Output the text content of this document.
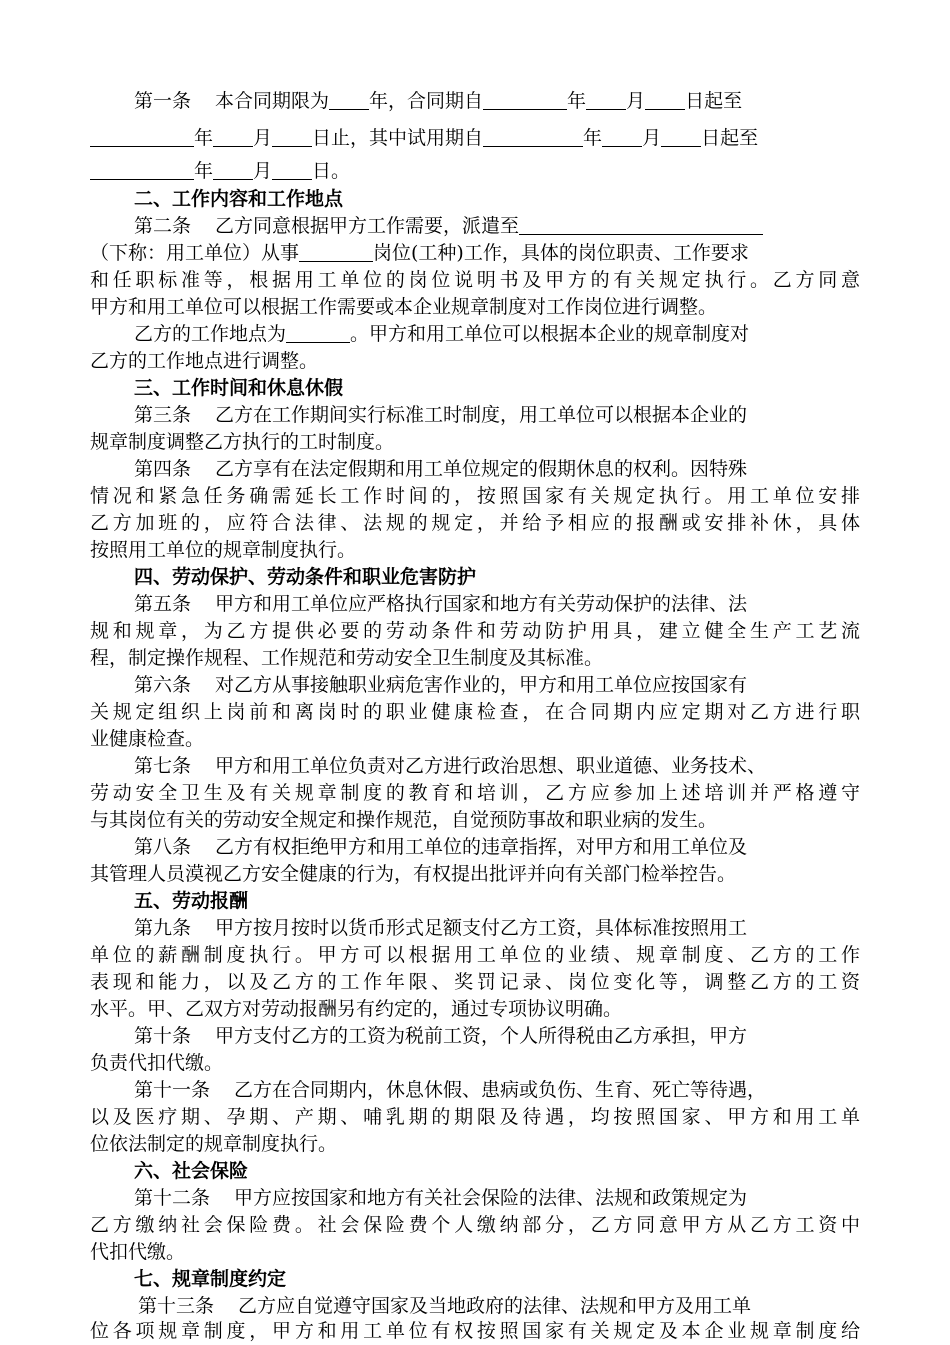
第一条 本合同期限为 年，合同期自	年 月 日起至
年 月 日止，其中试用期自	年 月 日起至
年 月 日。
二、工作内容和工作地点
第二条 乙方同意根据甲方工作需要，派遣至
（下称：用工单位）从事	岗位(工种)工作，具体的岗位职责、工作要求
和任职标准等，根据用工单位的岗位说明书及甲方的有关规定执行。乙方同意
甲方和用工单位可以根据工作需要或本企业规章制度对工作岗位进行调整。
乙方的工作地点为	。甲方和用工单位可以根据本企业的规章制度对
乙方的工作地点进行调整。
三、工作时间和休息休假
第三条 乙方在工作期间实行标准工时制度，用工单位可以根据本企业的
规章制度调整乙方执行的工时制度。
第四条 乙方享有在法定假期和用工单位规定的假期休息的权利。因特殊
情况和紧急任务确需延长工作时间的，按照国家有关规定执行。用工单位安排
乙方加班的，应符合法律、法规的规定，并给予相应的报酬或安排补休，具体
按照用工单位的规章制度执行。
四、劳动保护、劳动条件和职业危害防护
第五条 甲方和用工单位应严格执行国家和地方有关劳动保护的法律、法
规和规章，为乙方提供必要的劳动条件和劳动防护用具，建立健全生产工艺流
程，制定操作规程、工作规范和劳动安全卫生制度及其标准。
第六条 对乙方从事接触职业病危害作业的，甲方和用工单位应按国家有
关规定组织上岗前和离岗时的职业健康检查，在合同期内应定期对乙方进行职
业健康检查。
第七条 甲方和用工单位负责对乙方进行政治思想、职业道德、业务技术、
劳动安全卫生及有关规章制度的教育和培训，乙方应参加上述培训并严格遵守
与其岗位有关的劳动安全规定和操作规范，自觉预防事故和职业病的发生。
第八条 乙方有权拒绝甲方和用工单位的违章指挥，对甲方和用工单位及
其管理人员漠视乙方安全健康的行为，有权提出批评并向有关部门检举控告。
五、劳动报酬
第九条 甲方按月按时以货币形式足额支付乙方工资，具体标准按照用工
单位的薪酬制度执行。甲方可以根据用工单位的业绩、规章制度、乙方的工作
表现和能力，以及乙方的工作年限、奖罚记录、岗位变化等，调整乙方的工资
水平。甲、乙双方对劳动报酬另有约定的，通过专项协议明确。
第十条 甲方支付乙方的工资为税前工资，个人所得税由乙方承担，甲方
负责代扣代缴。
第十一条 乙方在合同期内，休息休假、患病或负伤、生育、死亡等待遇，
以及医疗期、孕期、产期、哺乳期的期限及待遇，均按照国家、甲方和用工单
位依法制定的规章制度执行。
六、社会保险
第十二条 甲方应按国家和地方有关社会保险的法律、法规和政策规定为
乙方缴纳社会保险费。社会保险费个人缴纳部分，乙方同意甲方从乙方工资中
代扣代缴。
七、规章制度约定
第十三条 乙方应自觉遵守国家及当地政府的法律、法规和甲方及用工单
位各项规章制度，甲方和用工单位有权按照国家有关规定及本企业规章制度给
